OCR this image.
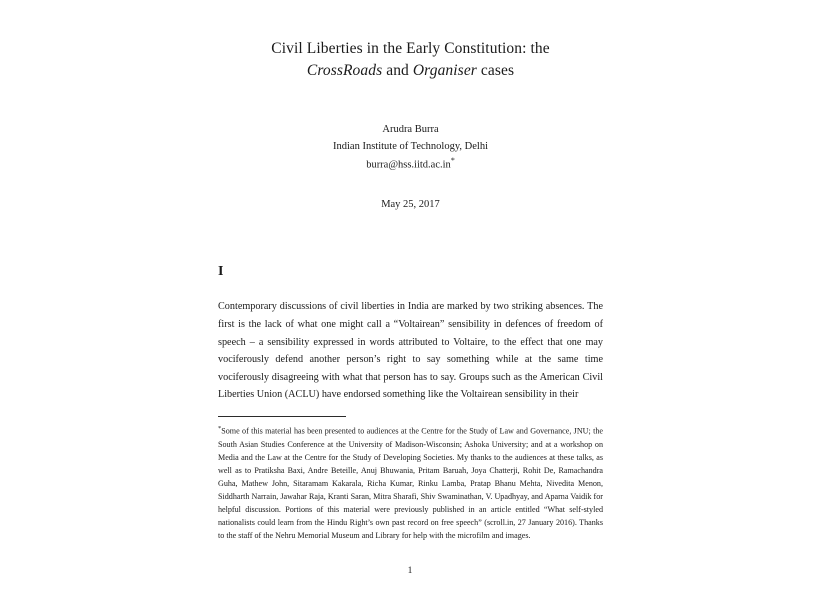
Civil Liberties in the Early Constitution: the
CrossRoads and Organiser cases
Arudra Burra
Indian Institute of Technology, Delhi
burra@hss.iitd.ac.in*
May 25, 2017
I
Contemporary discussions of civil liberties in India are marked by two striking absences. The first is the lack of what one might call a “Voltairean” sensibility in defences of freedom of speech – a sensibility expressed in words attributed to Voltaire, to the effect that one may vociferously defend another person’s right to say something while at the same time vociferously disagreeing with what that person has to say. Groups such as the American Civil Liberties Union (ACLU) have endorsed something like the Voltairean sensibility in their
*Some of this material has been presented to audiences at the Centre for the Study of Law and Governance, JNU; the South Asian Studies Conference at the University of Madison-Wisconsin; Ashoka University; and at a workshop on Media and the Law at the Centre for the Study of Developing Societies. My thanks to the audiences at these talks, as well as to Pratiksha Baxi, Andre Beteille, Anuj Bhuwania, Pritam Baruah, Joya Chatterji, Rohit De, Ramachandra Guha, Mathew John, Sitaramam Kakarala, Richa Kumar, Rinku Lamba, Pratap Bhanu Mehta, Nivedita Menon, Siddharth Narrain, Jawahar Raja, Kranti Saran, Mitra Sharafi, Shiv Swaminathan, V. Upadhyay, and Aparna Vaidik for helpful discussion. Portions of this material were previously published in an article entitled “What self-styled nationalists could learn from the Hindu Right’s own past record on free speech” (scroll.in, 27 January 2016). Thanks to the staff of the Nehru Memorial Museum and Library for help with the microfilm and images.
1
